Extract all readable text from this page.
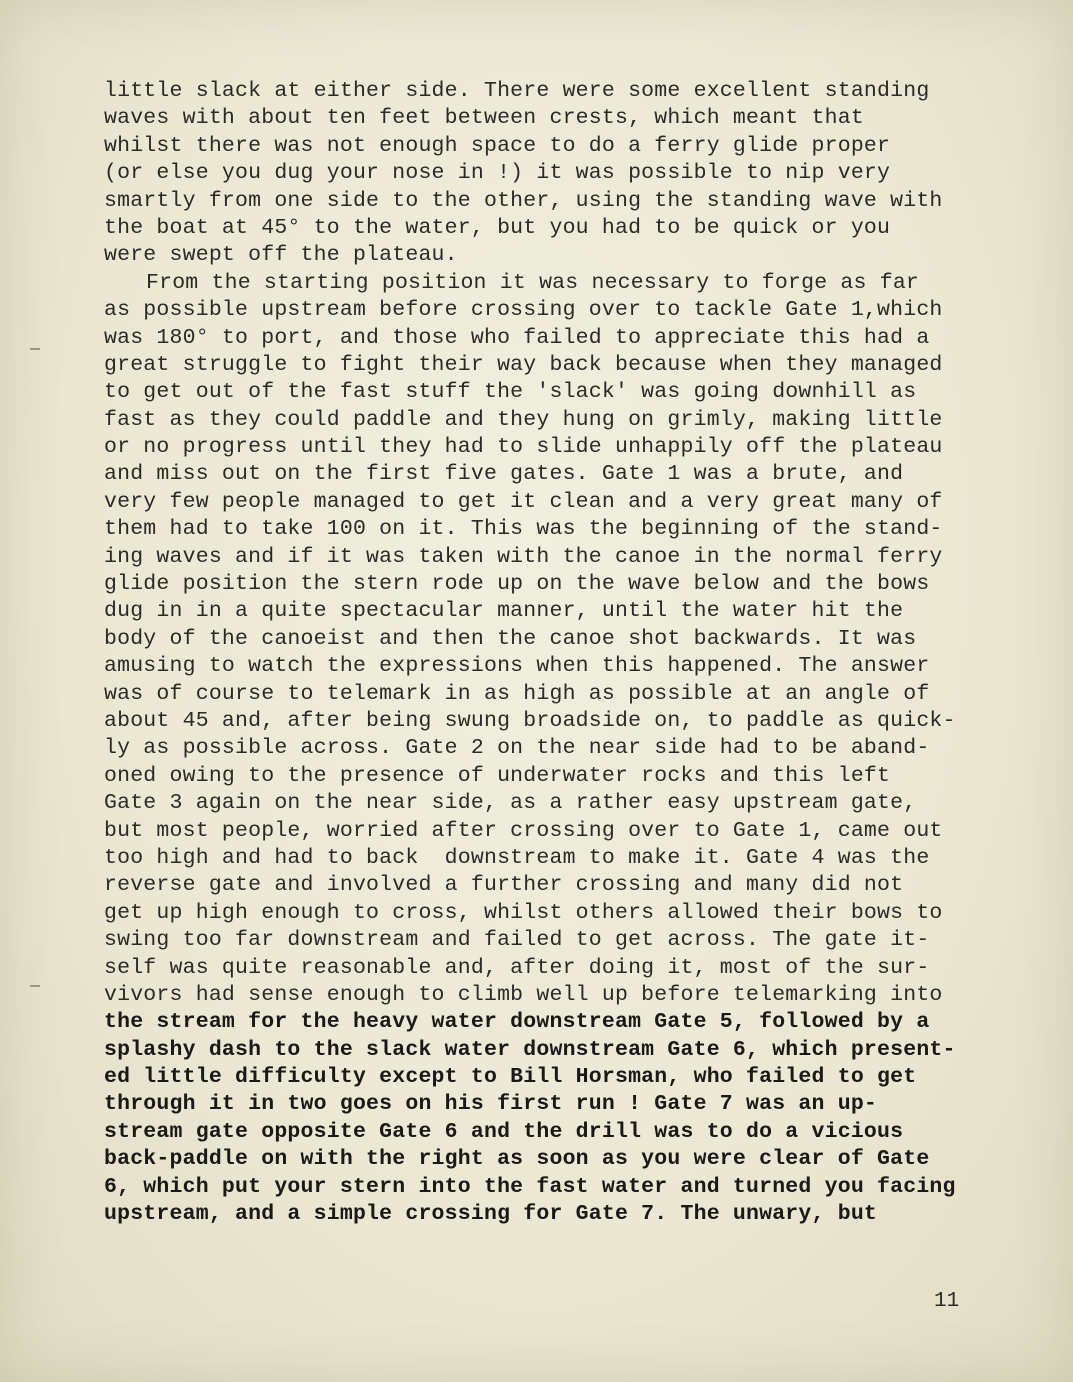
little slack at either side. There were some excellent standing
waves with about ten feet between crests, which meant that
whilst there was not enough space to do a ferry glide proper
(or else you dug your nose in !) it was possible to nip very
smartly from one side to the other, using the standing wave with
the boat at 45° to the water, but you had to be quick or you
were swept off the plateau.
From the starting position it was necessary to forge as far
as possible upstream before crossing over to tackle Gate 1,which
was 180° to port, and those who failed to appreciate this had a
great struggle to fight their way back because when they managed
to get out of the fast stuff the 'slack' was going downhill as
fast as they could paddle and they hung on grimly, making little
or no progress until they had to slide unhappily off the plateau
and miss out on the first five gates. Gate 1 was a brute, and
very few people managed to get it clean and a very great many of
them had to take 100 on it. This was the beginning of the stand-
ing waves and if it was taken with the canoe in the normal ferry
glide position the stern rode up on the wave below and the bows
dug in in a quite spectacular manner, until the water hit the
body of the canoeist and then the canoe shot backwards. It was
amusing to watch the expressions when this happened. The answer
was of course to telemark in as high as possible at an angle of
about 45 and, after being swung broadside on, to paddle as quick-
ly as possible across. Gate 2 on the near side had to be aband-
oned owing to the presence of underwater rocks and this left
Gate 3 again on the near side, as a rather easy upstream gate,
but most people, worried after crossing over to Gate 1, came out
too high and had to back  downstream to make it. Gate 4 was the
reverse gate and involved a further crossing and many did not
get up high enough to cross, whilst others allowed their bows to
swing too far downstream and failed to get across. The gate it-
self was quite reasonable and, after doing it, most of the sur-
vivors had sense enough to climb well up before telemarking into
the stream for the heavy water downstream Gate 5, followed by a
splashy dash to the slack water downstream Gate 6, which present-
ed little difficulty except to Bill Horsman, who failed to get
through it in two goes on his first run ! Gate 7 was an up-
stream gate opposite Gate 6 and the drill was to do a vicious
back-paddle on with the right as soon as you were clear of Gate
6, which put your stern into the fast water and turned you facing
upstream, and a simple crossing for Gate 7. The unwary, but
11
